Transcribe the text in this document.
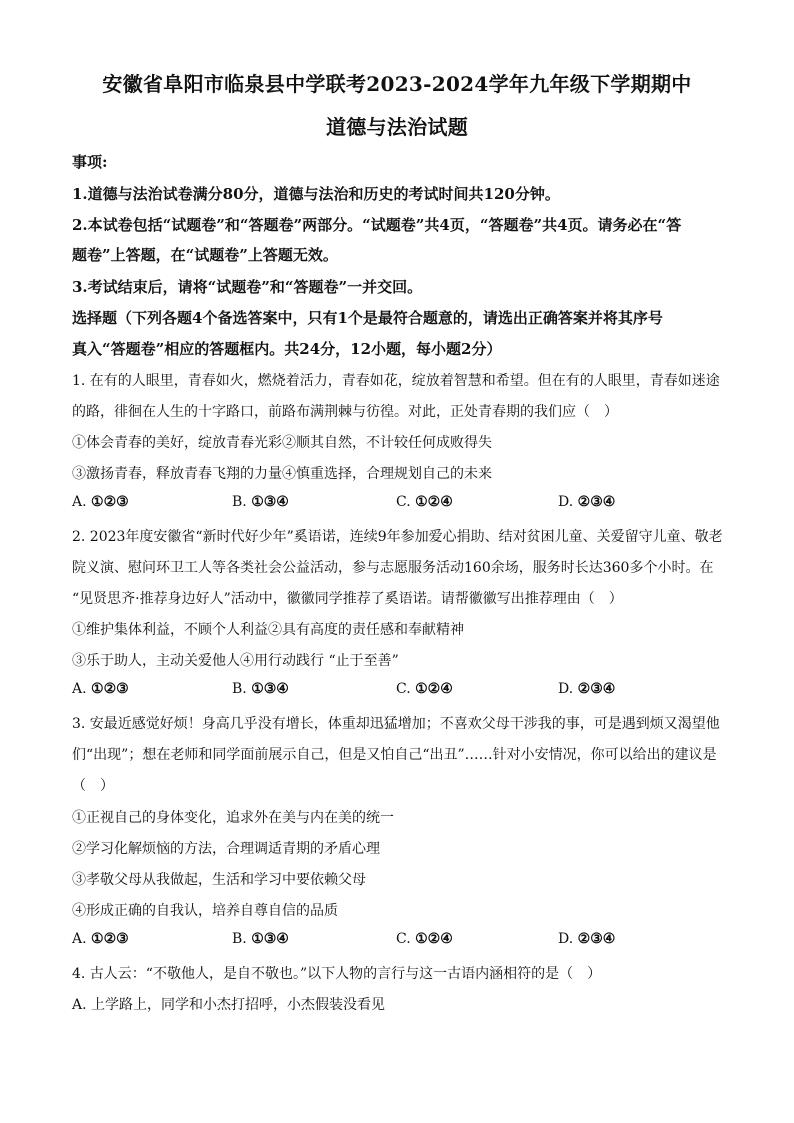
安徽省阜阳市临泉县中学联考2023-2024学年九年级下学期期中
道德与法治试题
事项:
1.道德与法治试卷满分80分，道德与法治和历史的考试时间共120分钟。
2.本试卷包括“试题卷”和“答题卷”两部分。“试题卷”共4页，“答题卷”共4页。请务必在“答
题卷”上答题，在“试题卷”上答题无效。
3.考试结束后，请将“试题卷”和“答题卷”一并交回。
选择题（下列各题4个备选答案中，只有1个是最符合题意的，请选出正确答案并将其序号
真入“答题卷”相应的答题框内。共24分，12小题，每小题2分）
1. 在有的人眼里，青春如火，燃烧着活力，青春如花，绽放着智慧和希望。但在有的人眼里，青春如迷途
的路，徘徊在人生的十字路口，前路布满荆棘与彷徨。对此，正处青春期的我们应（　）
①体会青春的美好，绽放青春光彩②顺其自然，不计较任何成败得失
③激扬青春，释放青春飞翔的力量④慎重选择，合理规划自己的未来
A. ①②③	B. ①③④	C. ①②④	D. ②③④
2. 2023年度安徽省“新时代好少年”奚语诺，连续9年参加爱心捐助、结对贫困儿童、关爱留守儿童、敬老
院义演、慰问环卫工人等各类社会公益活动，参与志愿服务活动160余场，服务时长达360多个小时。在
“见贤思齐·推荐身边好人”活动中，徽徽同学推荐了奚语诺。请帮徽徽写出推荐理由（　）
①维护集体利益，不顾个人利益②具有高度的责任感和奉献精神
③乐于助人，主动关爱他人④用行动践行 “止于至善”
A. ①②③	B. ①③④	C. ①②④	D. ②③④
3. 安最近感觉好烦！身高几乎没有增长，体重却迅猛增加；不喜欢父母干涉我的事，可是遇到烦又渴望他
们“出现”；想在老师和同学面前展示自己，但是又怕自己“出丑”……针对小安情况，你可以给出的建议是
（　）
①正视自己的身体变化，追求外在美与内在美的统一
②学习化解烦恼的方法，合理调适青期的矛盾心理
③孝敬父母从我做起，生活和学习中要依赖父母
④形成正确的自我认，培养自尊自信的品质
A. ①②③	B. ①③④	C. ①②④	D. ②③④
4. 古人云：“不敬他人，是自不敬也。”以下人物的言行与这一古语内涵相符的是（　）
A. 上学路上，同学和小杰打招呼，小杰假装没看见
